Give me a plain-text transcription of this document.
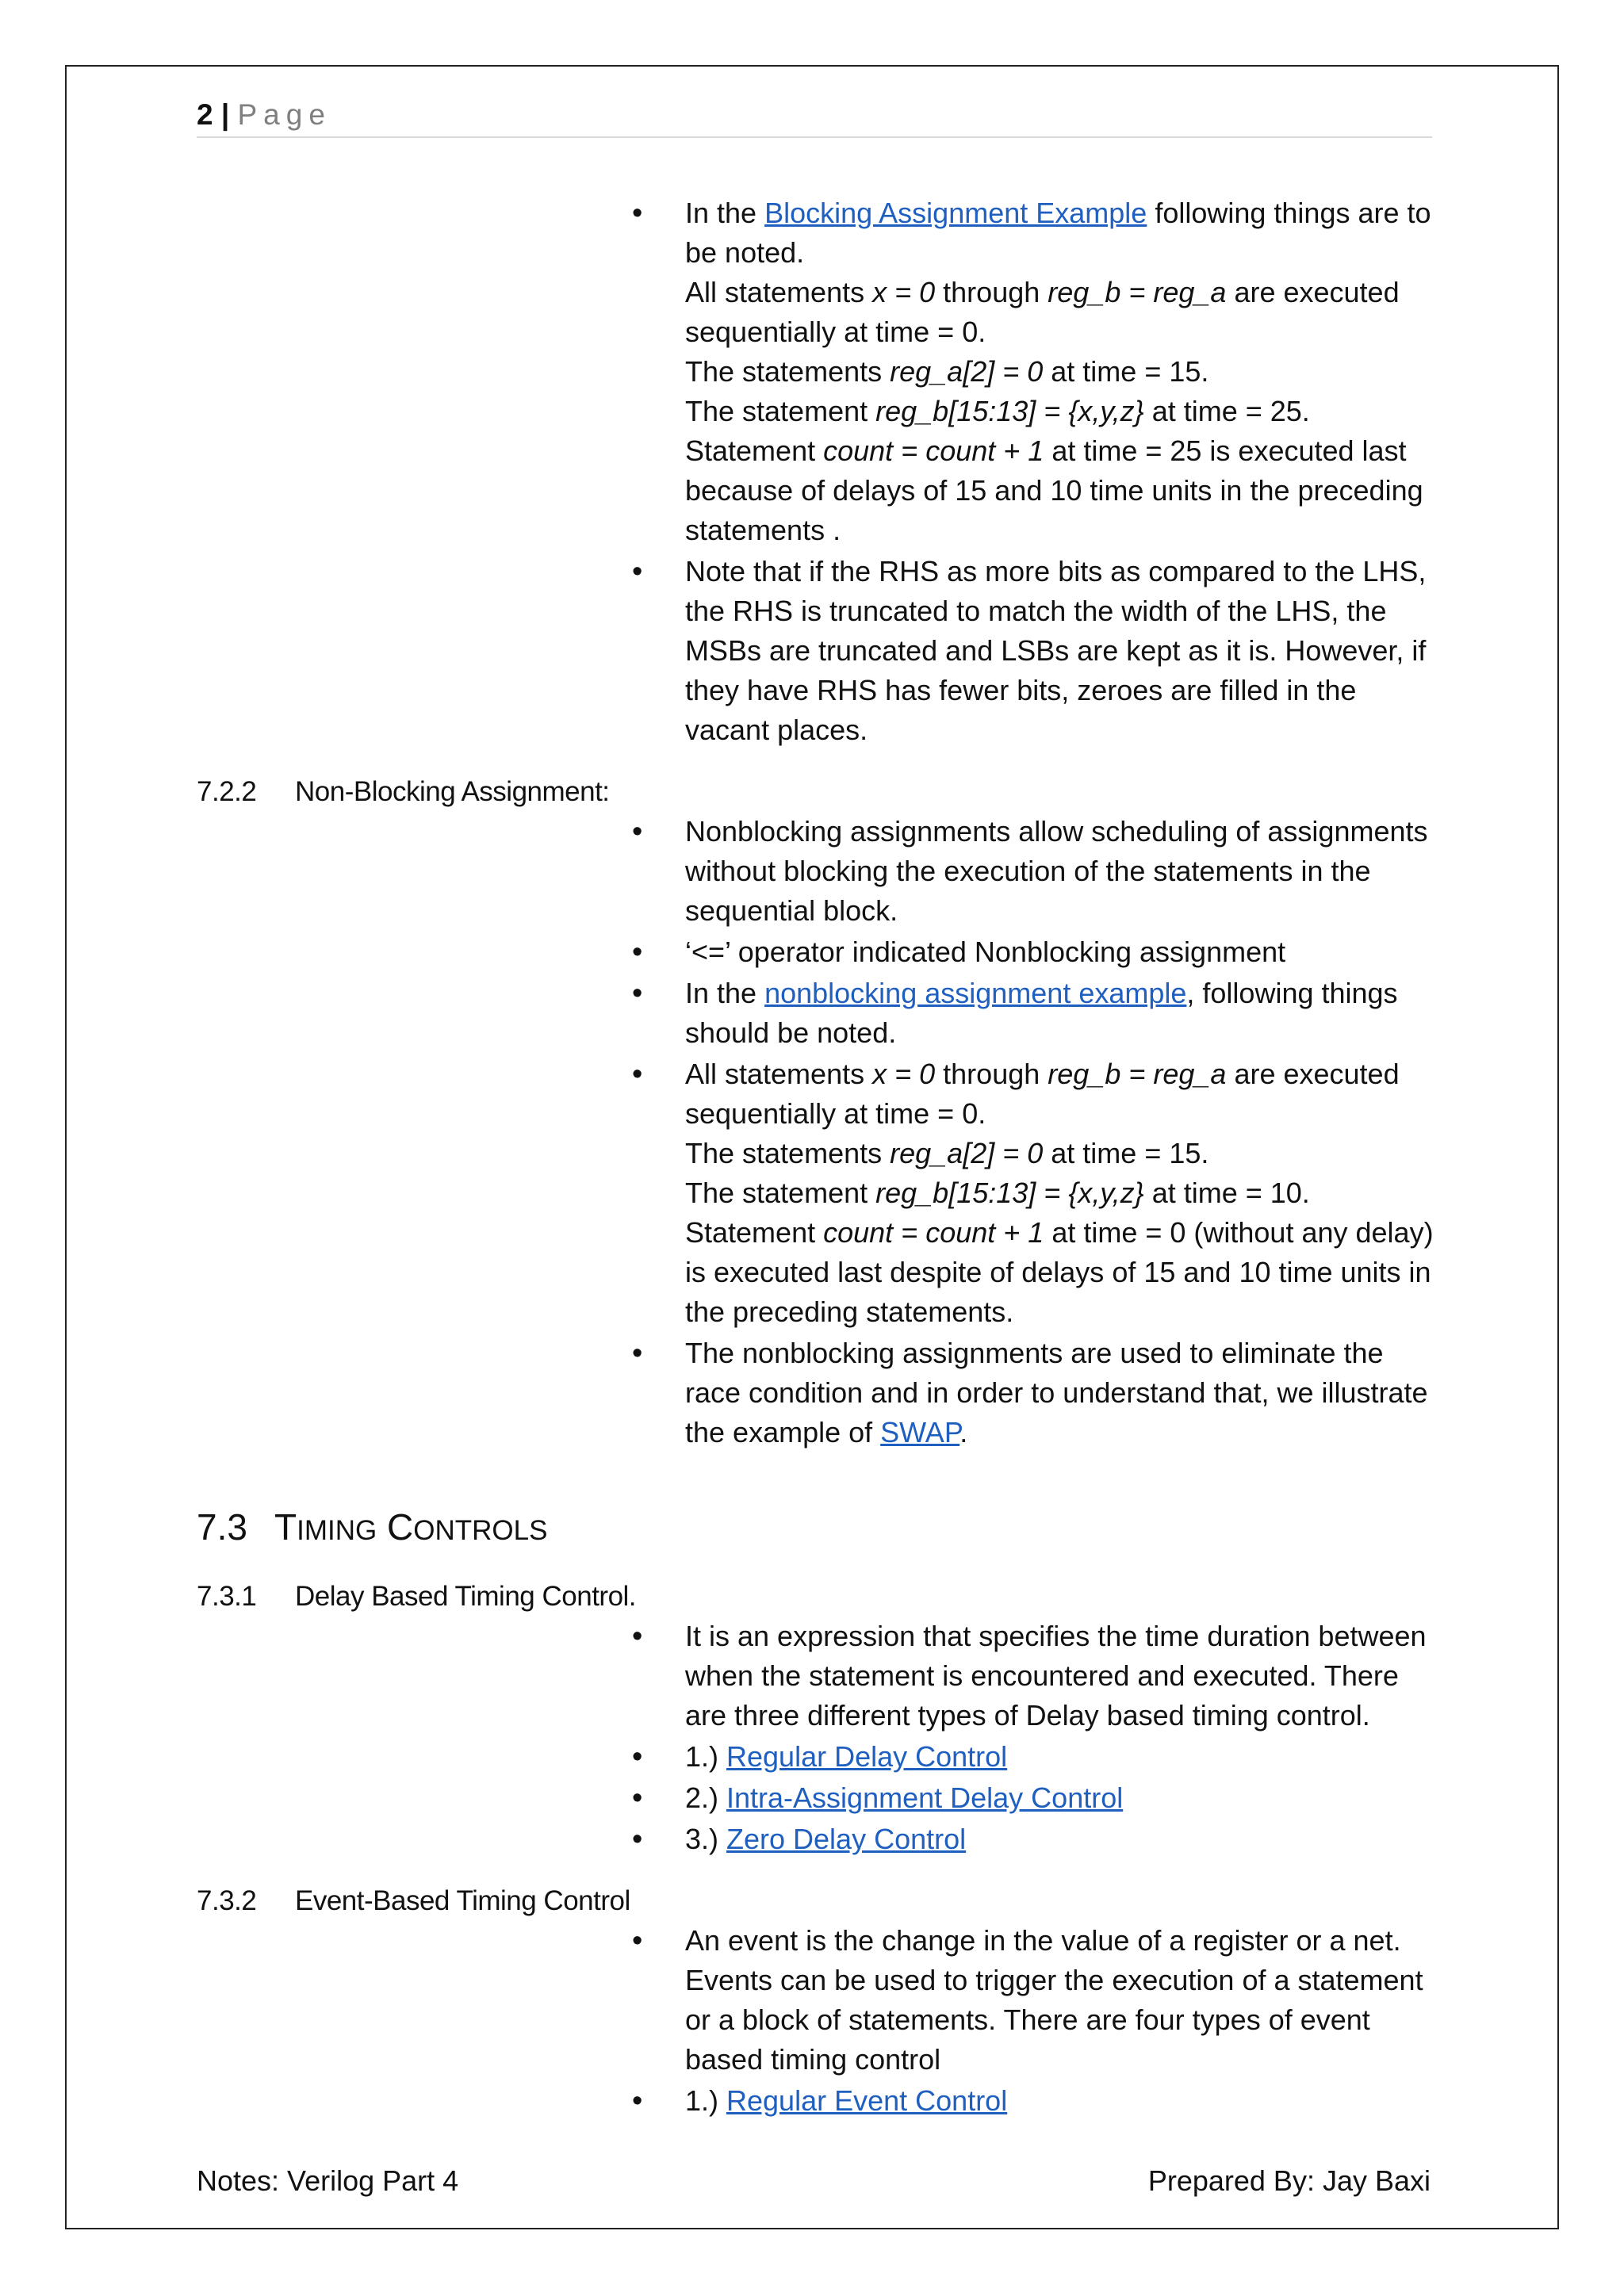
2 | Page
• In the Blocking Assignment Example following things are to be noted.
All statements x = 0 through reg_b = reg_a are executed sequentially at time = 0.
The statements reg_a[2] = 0 at time = 15.
The statement reg_b[15:13] = {x,y,z} at time = 25.
Statement count = count + 1 at time = 25 is executed last because of delays of 15 and 10 time units in the preceding statements .
• Note that if the RHS as more bits as compared to the LHS, the RHS is truncated to match the width of the LHS, the MSBs are truncated and LSBs are kept as it is. However, if they have RHS has fewer bits, zeroes are filled in the vacant places.
7.2.2 Non-Blocking Assignment:
• Nonblocking assignments allow scheduling of assignments without blocking the execution of the statements in the sequential block.
• ‘<=’ operator indicated Nonblocking assignment
• In the nonblocking assignment example, following things should be noted.
• All statements x = 0 through reg_b = reg_a are executed sequentially at time = 0.
The statements reg_a[2] = 0 at time = 15.
The statement reg_b[15:13] = {x,y,z} at time = 10.
Statement count = count + 1 at time = 0 (without any delay) is executed last despite of delays of 15 and 10 time units in the preceding statements.
• The nonblocking assignments are used to eliminate the race condition and in order to understand that, we illustrate the example of SWAP.
7.3 TIMING CONTROLS
7.3.1 Delay Based Timing Control.
• It is an expression that specifies the time duration between when the statement is encountered and executed. There are three different types of Delay based timing control.
• 1.) Regular Delay Control
• 2.) Intra-Assignment Delay Control
• 3.) Zero Delay Control
7.3.2 Event-Based Timing Control
• An event is the change in the value of a register or a net. Events can be used to trigger the execution of a statement or a block of statements. There are four types of event based timing control
• 1.) Regular Event Control
Notes: Verilog Part 4	Prepared By: Jay Baxi
